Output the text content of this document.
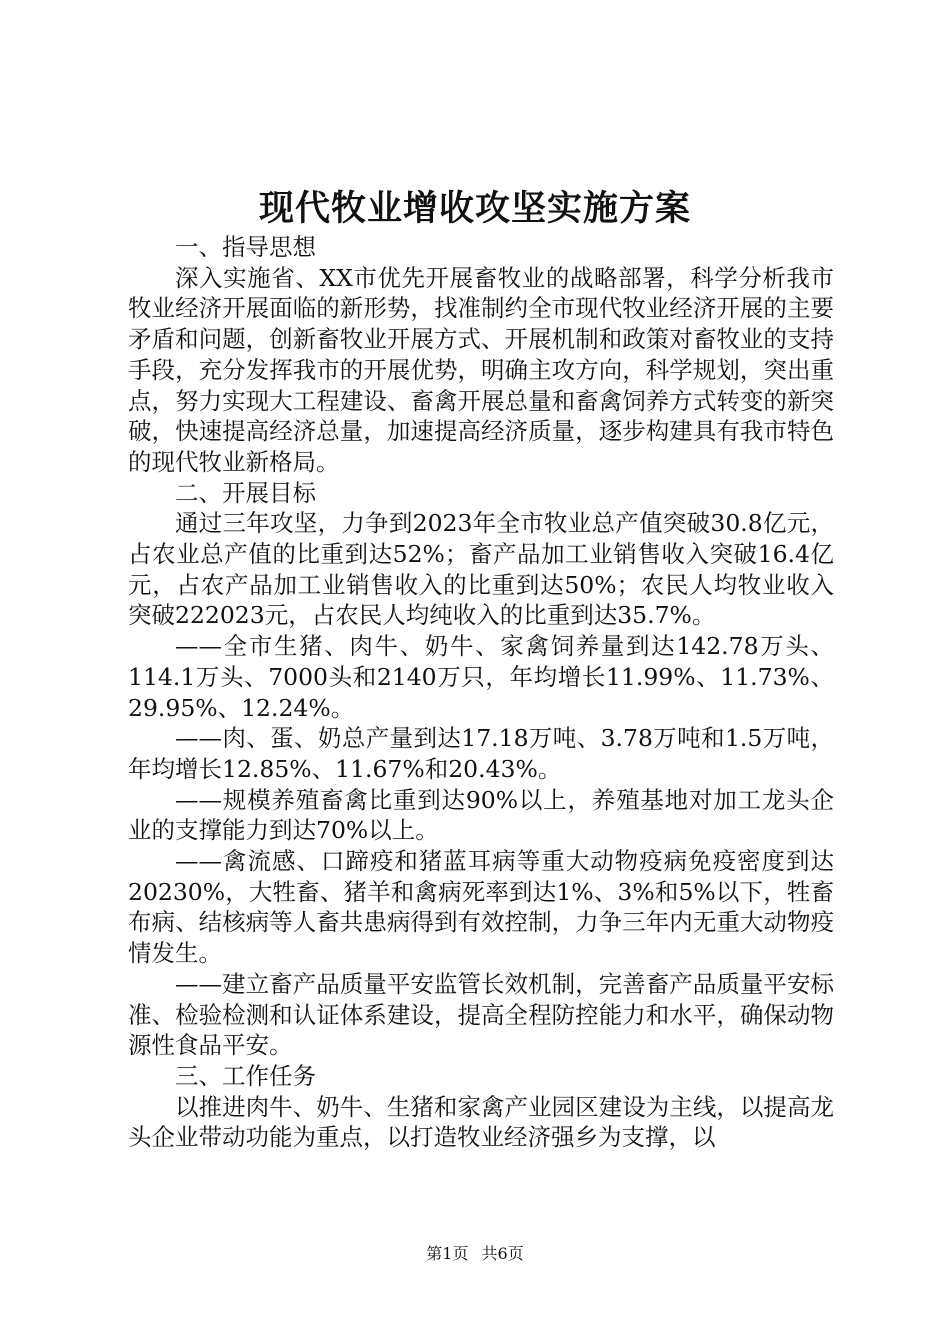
现代牧业增收攻坚实施方案

一、指导思想

深入实施省、XX市优先开展畜牧业的战略部署，科学分析我市牧业经济开展面临的新形势，找准制约全市现代牧业经济开展的主要矛盾和问题，创新畜牧业开展方式、开展机制和政策对畜牧业的支持手段，充分发挥我市的开展优势，明确主攻方向，科学规划，突出重点，努力实现大工程建设、畜禽开展总量和畜禽饲养方式转变的新突破，快速提高经济总量，加速提高经济质量，逐步构建具有我市特色的现代牧业新格局。

二、开展目标

通过三年攻坚，力争到2023年全市牧业总产值突破30.8亿元，占农业总产值的比重到达52%；畜产品加工业销售收入突破16.4亿元，占农产品加工业销售收入的比重到达50%；农民人均牧业收入突破222023元，占农民人均纯收入的比重到达35.7%。

——全市生猪、肉牛、奶牛、家禽饲养量到达142.78万头、114.1万头、7000头和2140万只，年均增长11.99%、11.73%、29.95%、12.24%。

——肉、蛋、奶总产量到达17.18万吨、3.78万吨和1.5万吨，年均增长12.85%、11.67%和20.43%。

——规模养殖畜禽比重到达90%以上，养殖基地对加工龙头企业的支撑能力到达70%以上。

——禽流感、口蹄疫和猪蓝耳病等重大动物疫病免疫密度到达20230%，大牲畜、猪羊和禽病死率到达1%、3%和5%以下，牲畜布病、结核病等人畜共患病得到有效控制，力争三年内无重大动物疫情发生。

——建立畜产品质量平安监管长效机制，完善畜产品质量平安标准、检验检测和认证体系建设，提高全程防控能力和水平，确保动物源性食品平安。

三、工作任务

以推进肉牛、奶牛、生猪和家禽产业园区建设为主线，以提高龙头企业带动功能为重点，以打造牧业经济强乡为支撑，以

第1页 共6页
